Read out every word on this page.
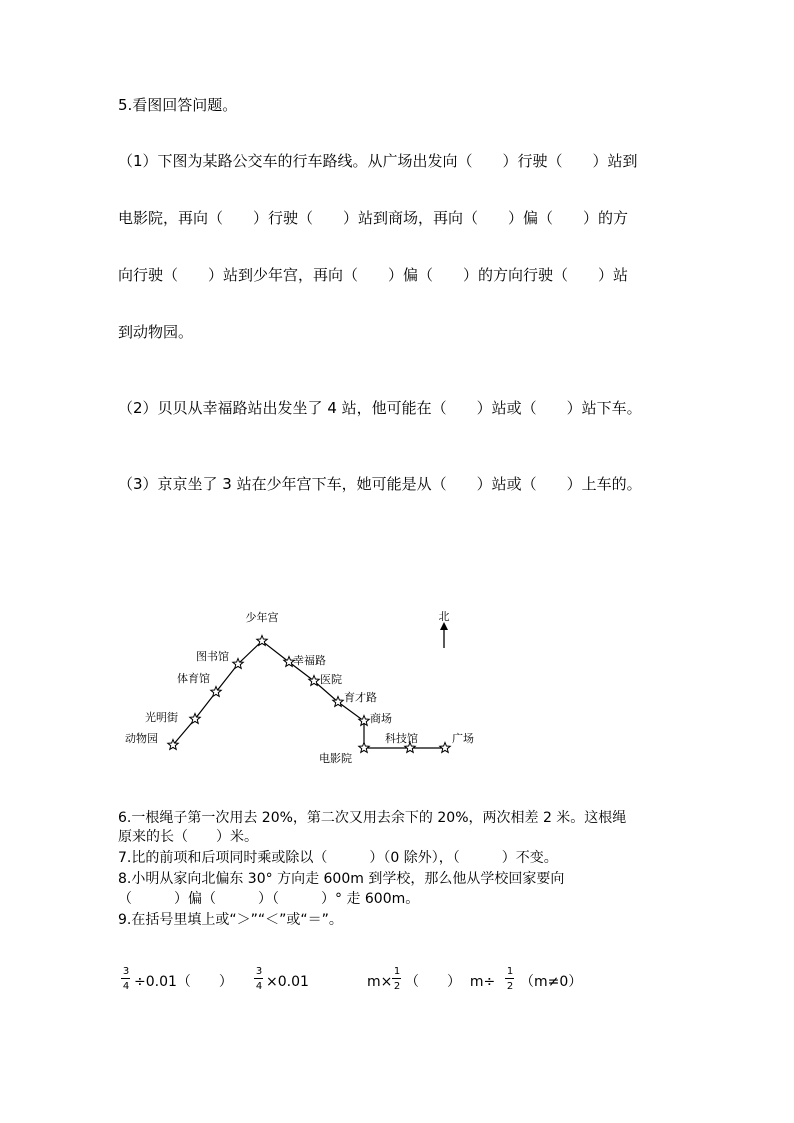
5.看图回答问题。
（1）下图为某路公交车的行车路线。从广场出发向（　　）行驶（　　）站到
电影院，再向（　　）行驶（　　）站到商场，再向（　　）偏（　　）的方
向行驶（　　）站到少年宫，再向（　　）偏（　　）的方向行驶（　　）站
到动物园。
（2）贝贝从幸福路站出发坐了 4 站，他可能在（　　）站或（　　）站下车。
（3）京京坐了 3 站在少年宫下车，她可能是从（　　）站或（　　）上车的。
北
少年宫
图书馆
体育馆
光明街
动物园
幸福路
医院
育才路
商场
电影院
科技馆	广场
6.一根绳子第一次用去 20%，第二次又用去余下的 20%，两次相差 2 米。这根绳
原来的长（　　）米。
7.比的前项和后项同时乘或除以（　　　）（0 除外），（　　　）不变。
8.小明从家向北偏东 30° 方向走 600m 到学校，那么他从学校回家要向
（　　　）偏（　　　）（　　　）° 走 600m。
9.在括号里填上或“＞”“＜”或“＝”。
3
4 ÷0.01（　　）
3
4 ×0.01	m×
1
2 （　　）  m÷
1
2 （m≠0）
